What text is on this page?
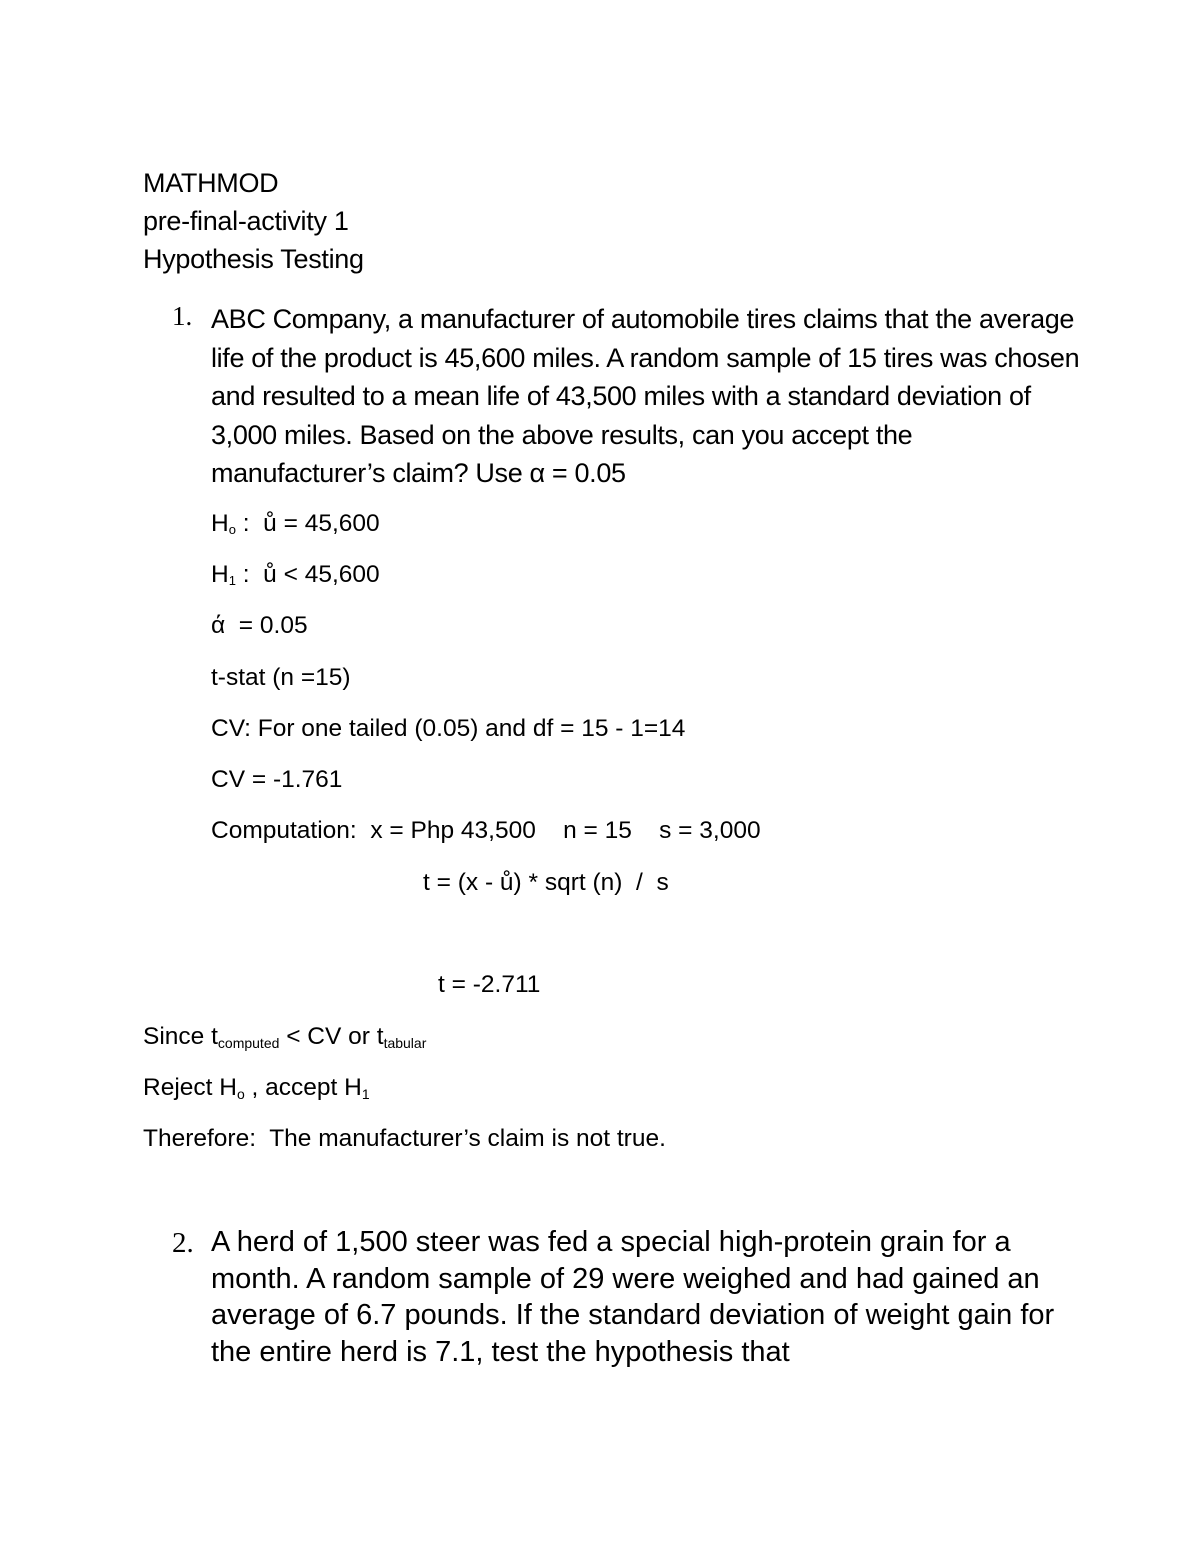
MATHMOD
pre-final-activity 1
Hypothesis Testing
1. ABC Company, a manufacturer of automobile tires claims that the average life of the product is 45,600 miles. A random sample of 15 tires was chosen and resulted to a mean life of 43,500 miles with a standard deviation of 3,000 miles. Based on the above results, can you accept the manufacturer’s claim? Use α = 0.05
Ho :  ů = 45,600
H1 :  ů < 45,600
ά  = 0.05
t-stat (n =15)
CV: For one tailed (0.05) and df = 15 - 1=14
CV = -1.761
Computation:  x = Php 43,500    n = 15    s = 3,000
t = (x - ů) * sqrt (n)  /  s
t = -2.711
Since $t_{computed}$ < CV or $t_{tabular}$
Reject $H_o$ , accept $H_1$
Therefore:  The manufacturer’s claim is not true.
2. A herd of 1,500 steer was fed a special high-protein grain for a month. A random sample of 29 were weighed and had gained an average of 6.7 pounds. If the standard deviation of weight gain for the entire herd is 7.1, test the hypothesis that
